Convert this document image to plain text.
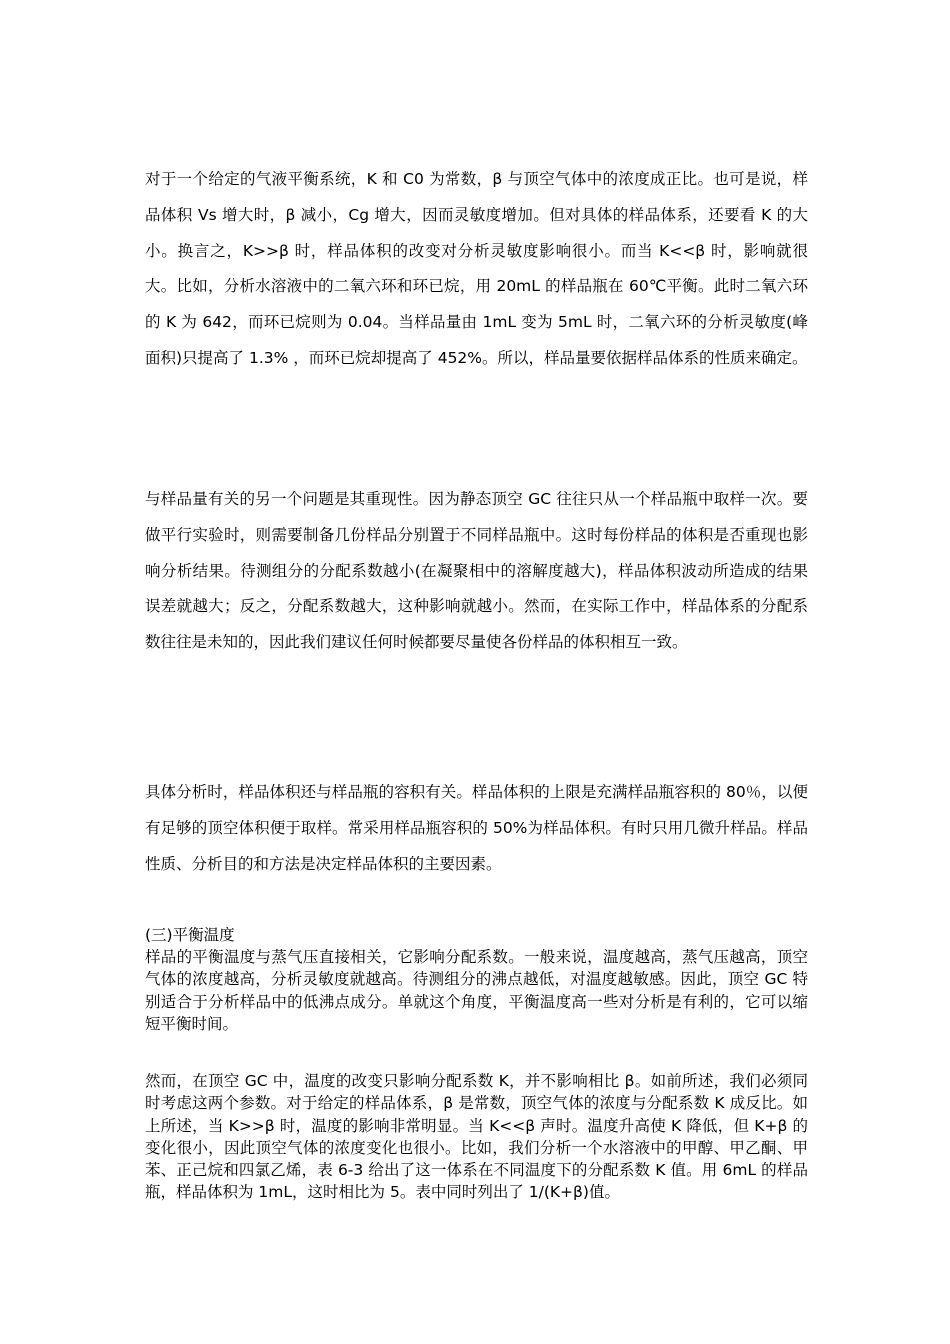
对于一个给定的气液平衡系统，K 和 C0 为常数，β 与顶空气体中的浓度成正比。也可是说，样品体积 Vs 增大时，β 减小，Cg 增大，因而灵敏度增加。但对具体的样品体系，还要看 K 的大小。换言之，K>>β 时，样品体积的改变对分析灵敏度影响很小。而当 K<<β 时，影响就很大。比如，分析水溶液中的二氧六环和环已烷，用 20mL 的样品瓶在 60℃平衡。此时二氧六环的 K 为 642，而环已烷则为 0.04。当样品量由 1mL 变为 5mL 时，二氧六环的分析灵敏度(峰面积)只提高了 1.3% ，而环已烷却提高了 452%。所以，样品量要依据样品体系的性质来确定。

与样品量有关的另一个问题是其重现性。因为静态顶空 GC 往往只从一个样品瓶中取样一次。要做平行实验时，则需要制备几份样品分别置于不同样品瓶中。这时每份样品的体积是否重现也影响分析结果。待测组分的分配系数越小(在凝聚相中的溶解度越大)，样品体积波动所造成的结果误差就越大；反之，分配系数越大，这种影响就越小。然而，在实际工作中，样品体系的分配系数往往是未知的，因此我们建议任何时候都要尽量使各份样品的体积相互一致。

具体分析时，样品体积还与样品瓶的容积有关。样品体积的上限是充满样品瓶容积的 80％，以便有足够的顶空体积便于取样。常采用样品瓶容积的 50%为样品体积。有时只用几微升样品。样品性质、分析目的和方法是决定样品体积的主要因素。

(三)平衡温度

样品的平衡温度与蒸气压直接相关，它影响分配系数。一般来说，温度越高，蒸气压越高，顶空气体的浓度越高，分析灵敏度就越高。待测组分的沸点越低，对温度越敏感。因此，顶空 GC 特别适合于分析样品中的低沸点成分。单就这个角度，平衡温度高一些对分析是有利的，它可以缩短平衡时间。

然而，在顶空 GC 中，温度的改变只影响分配系数 K，并不影响相比 β。如前所述，我们必须同时考虑这两个参数。对于给定的样品体系，β 是常数，顶空气体的浓度与分配系数 K 成反比。如上所述，当 K>>β 时，温度的影响非常明显。当 K<<β 声时。温度升高使 K 降低，但 K+β 的变化很小，因此顶空气体的浓度变化也很小。比如，我们分析一个水溶液中的甲醇、甲乙酮、甲苯、正己烷和四氯乙烯，表 6-3 给出了这一体系在不同温度下的分配系数 K 值。用 6mL 的样品瓶，样品体积为 1mL，这时相比为 5。表中同时列出了 1/(K+β)值。
